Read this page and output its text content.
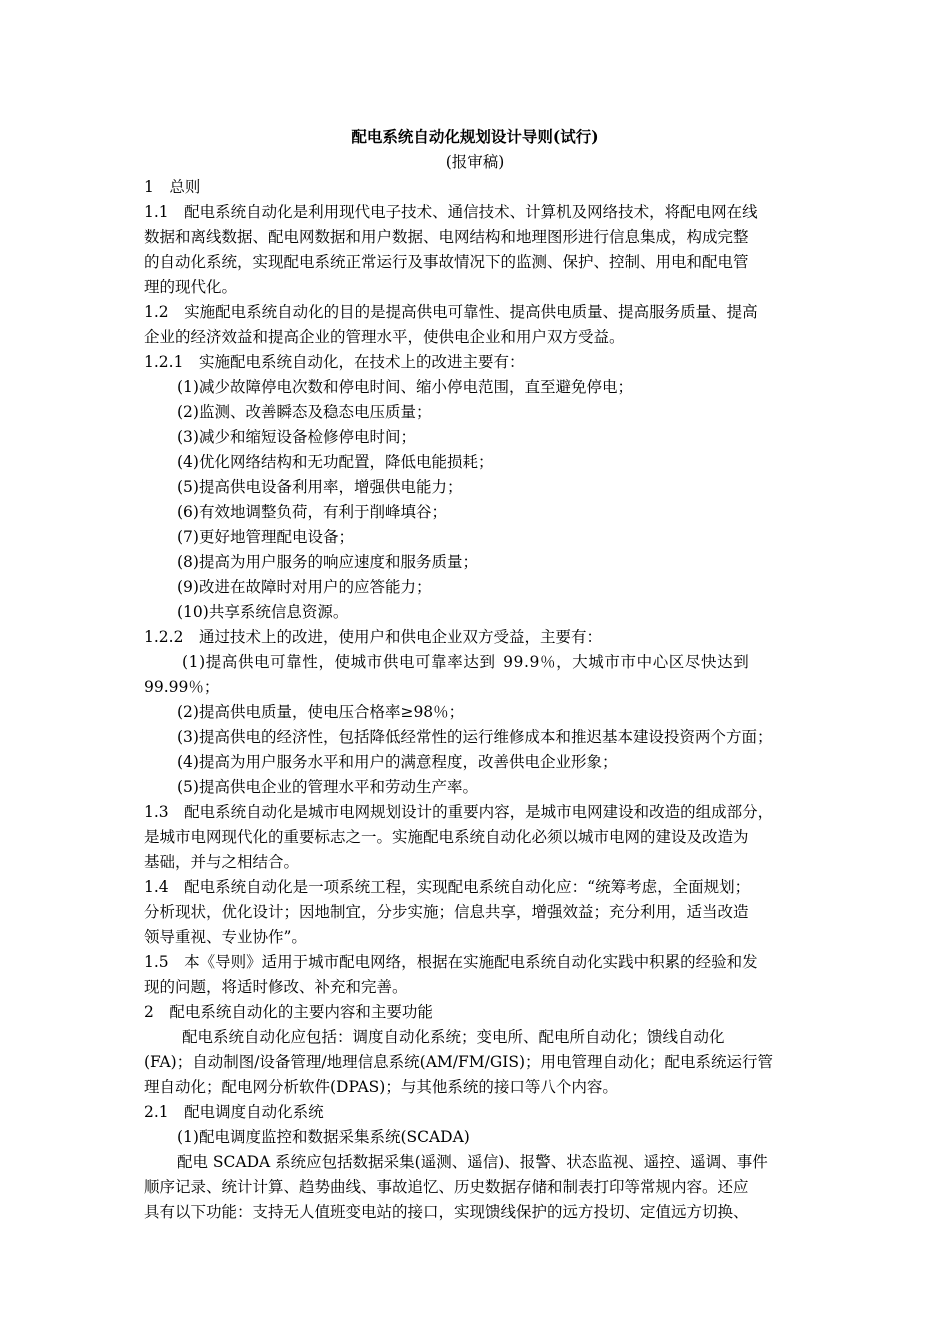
配电系统自动化规划设计导则(试行)
(报审稿)
1　总则
1.1　配电系统自动化是利用现代电子技术、通信技术、计算机及网络技术，将配电网在线
数据和离线数据、配电网数据和用户数据、电网结构和地理图形进行信息集成，构成完整
的自动化系统，实现配电系统正常运行及事故情况下的监测、保护、控制、用电和配电管
理的现代化。
1.2　实施配电系统自动化的目的是提高供电可靠性、提高供电质量、提高服务质量、提高
企业的经济效益和提高企业的管理水平，使供电企业和用户双方受益。
1.2.1　实施配电系统自动化，在技术上的改进主要有：
(1)减少故障停电次数和停电时间、缩小停电范围，直至避免停电；
(2)监测、改善瞬态及稳态电压质量；
(3)减少和缩短设备检修停电时间；
(4)优化网络结构和无功配置，降低电能损耗；
(5)提高供电设备利用率，增强供电能力；
(6)有效地调整负荷，有利于削峰填谷；
(7)更好地管理配电设备；
(8)提高为用户服务的响应速度和服务质量；
(9)改进在故障时对用户的应答能力；
(10)共享系统信息资源。
1.2.2　通过技术上的改进，使用户和供电企业双方受益，主要有：
(1)提高供电可靠性，使城市供电可靠率达到 99.9％，大城市市中心区尽快达到
99.99％；
(2)提高供电质量，使电压合格率≥98％；
(3)提高供电的经济性，包括降低经常性的运行维修成本和推迟基本建设投资两个方面；
(4)提高为用户服务水平和用户的满意程度，改善供电企业形象；
(5)提高供电企业的管理水平和劳动生产率。
1.3　配电系统自动化是城市电网规划设计的重要内容，是城市电网建设和改造的组成部分，
是城市电网现代化的重要标志之一。实施配电系统自动化必须以城市电网的建设及改造为
基础，并与之相结合。
1.4　配电系统自动化是一项系统工程，实现配电系统自动化应：“统筹考虑，全面规划；
分析现状，优化设计；因地制宜，分步实施；信息共享，增强效益；充分利用，适当改造
领导重视、专业协作”。
1.5　本《导则》适用于城市配电网络，根据在实施配电系统自动化实践中积累的经验和发
现的问题，将适时修改、补充和完善。
2　配电系统自动化的主要内容和主要功能
配电系统自动化应包括：调度自动化系统；变电所、配电所自动化；馈线自动化
(FA)；自动制图/设备管理/地理信息系统(AM/FM/GIS)；用电管理自动化；配电系统运行管
理自动化；配电网分析软件(DPAS)；与其他系统的接口等八个内容。
2.1　配电调度自动化系统
(1)配电调度监控和数据采集系统(SCADA)
配电 SCADA 系统应包括数据采集(遥测、遥信)、报警、状态监视、遥控、遥调、事件
顺序记录、统计计算、趋势曲线、事故追忆、历史数据存储和制表打印等常规内容。还应
具有以下功能：支持无人值班变电站的接口，实现馈线保护的远方投切、定值远方切换、
